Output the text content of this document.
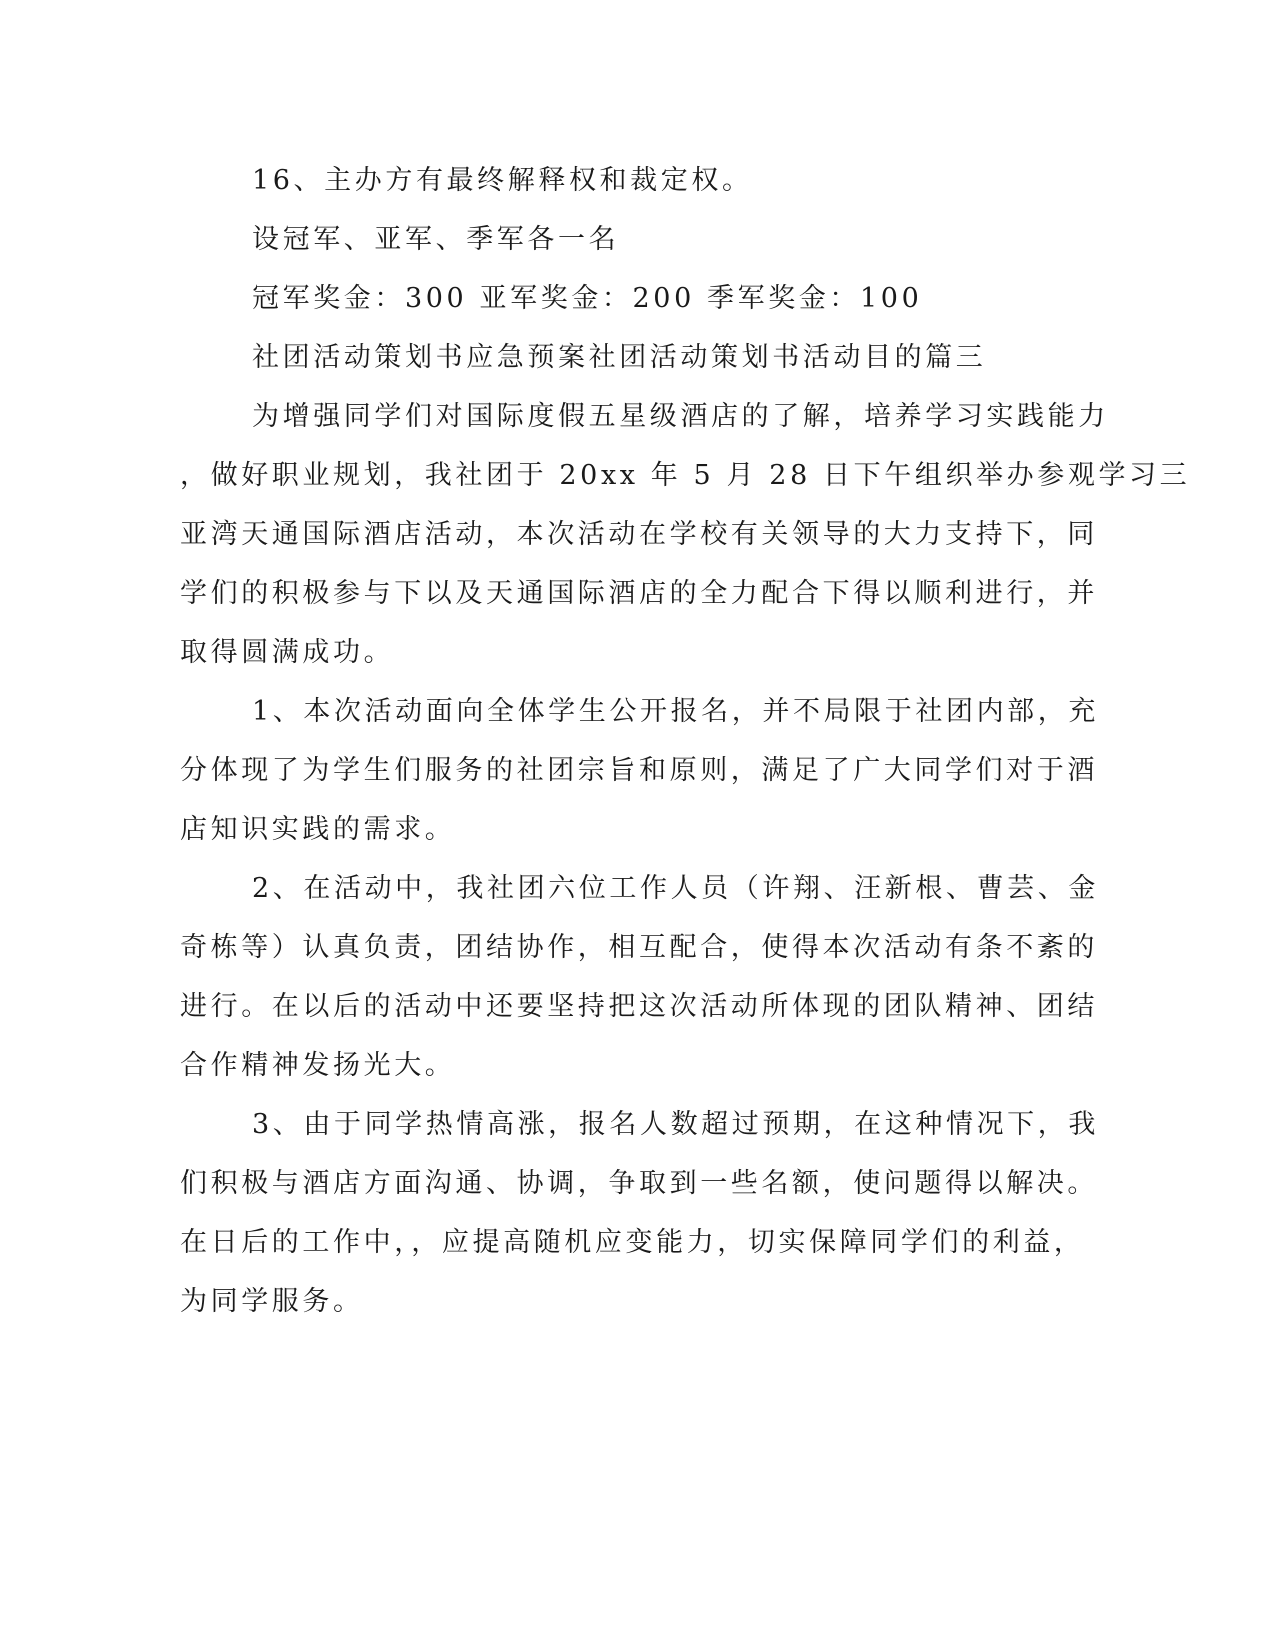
16、主办方有最终解释权和裁定权。

设冠军、亚军、季军各一名

冠军奖金：300 亚军奖金：200 季军奖金：100

社团活动策划书应急预案社团活动策划书活动目的篇三

为增强同学们对国际度假五星级酒店的了解，培养学习实践能力

，做好职业规划，我社团于 20xx 年 5 月 28 日下午组织举办参观学习三

亚湾天通国际酒店活动，本次活动在学校有关领导的大力支持下，同

学们的积极参与下以及天通国际酒店的全力配合下得以顺利进行，并

取得圆满成功。

1、本次活动面向全体学生公开报名，并不局限于社团内部，充

分体现了为学生们服务的社团宗旨和原则，满足了广大同学们对于酒

店知识实践的需求。

2、在活动中，我社团六位工作人员（许翔、汪新根、曹芸、金

奇栋等）认真负责，团结协作，相互配合，使得本次活动有条不紊的

进行。在以后的活动中还要坚持把这次活动所体现的团队精神、团结

合作精神发扬光大。

3、由于同学热情高涨，报名人数超过预期，在这种情况下，我

们积极与酒店方面沟通、协调，争取到一些名额，使问题得以解决。

在日后的工作中，，应提高随机应变能力，切实保障同学们的利益，

为同学服务。
